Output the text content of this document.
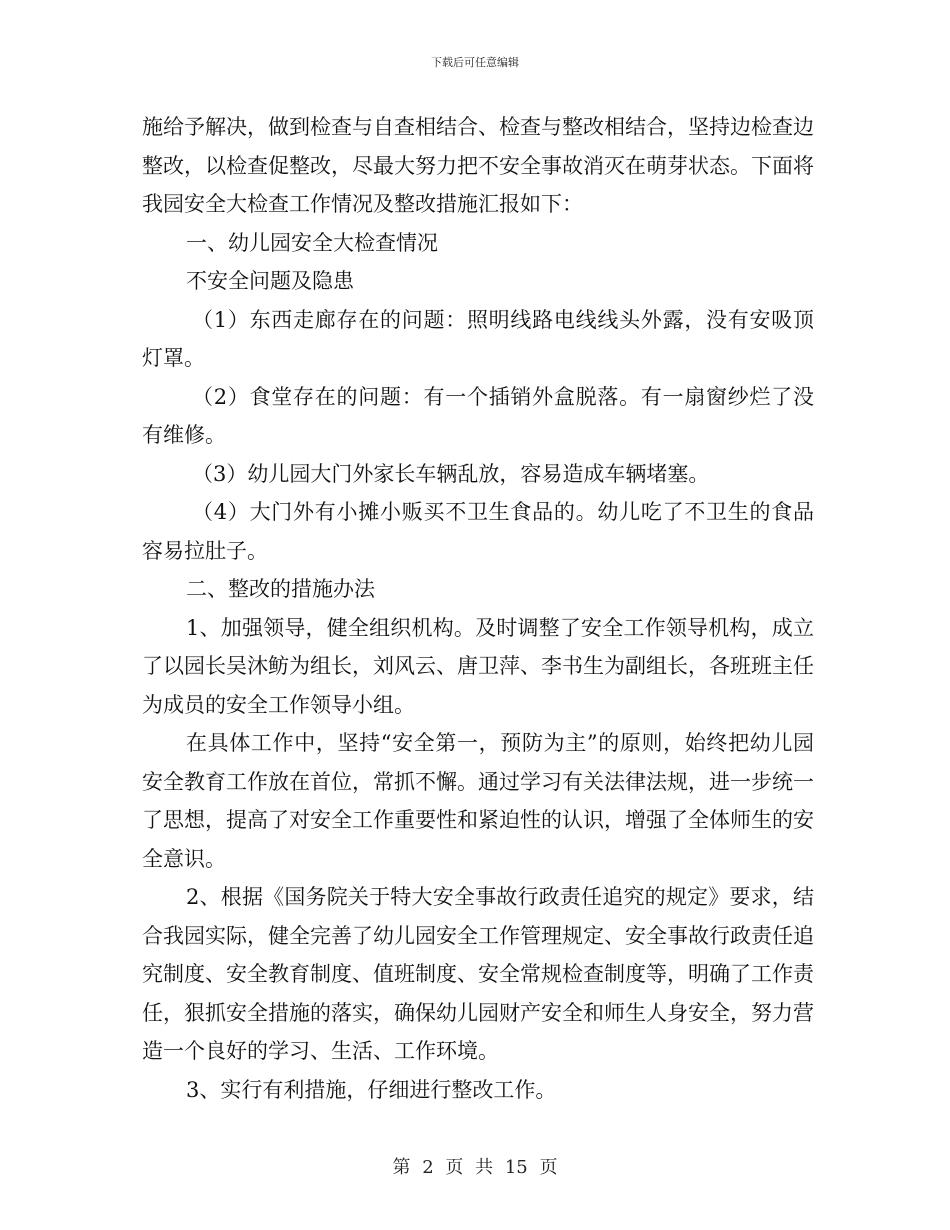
下载后可任意编辑

施给予解决，做到检查与自查相结合、检查与整改相结合，坚持边检查边整改，以检查促整改，尽最大努力把不安全事故消灭在萌芽状态。下面将我园安全大检查工作情况及整改措施汇报如下：

一、幼儿园安全大检查情况

不安全问题及隐患

（1）东西走廊存在的问题：照明线路电线线头外露，没有安吸顶灯罩。

（2）食堂存在的问题：有一个插销外盒脱落。有一扇窗纱烂了没有维修。

（3）幼儿园大门外家长车辆乱放，容易造成车辆堵塞。

（4）大门外有小摊小贩买不卫生食品的。幼儿吃了不卫生的食品容易拉肚子。

二、整改的措施办法

1、加强领导，健全组织机构。及时调整了安全工作领导机构，成立了以园长吴沐鲂为组长，刘风云、唐卫萍、李书生为副组长，各班班主任为成员的安全工作领导小组。

在具体工作中，坚持“安全第一，预防为主”的原则，始终把幼儿园安全教育工作放在首位，常抓不懈。通过学习有关法律法规，进一步统一了思想，提高了对安全工作重要性和紧迫性的认识，增强了全体师生的安全意识。

2、根据《国务院关于特大安全事故行政责任追究的规定》要求，结合我园实际，健全完善了幼儿园安全工作管理规定、安全事故行政责任追究制度、安全教育制度、值班制度、安全常规检查制度等，明确了工作责任，狠抓安全措施的落实，确保幼儿园财产安全和师生人身安全，努力营造一个良好的学习、生活、工作环境。

3、实行有利措施，仔细进行整改工作。

第 2 页 共 15 页
